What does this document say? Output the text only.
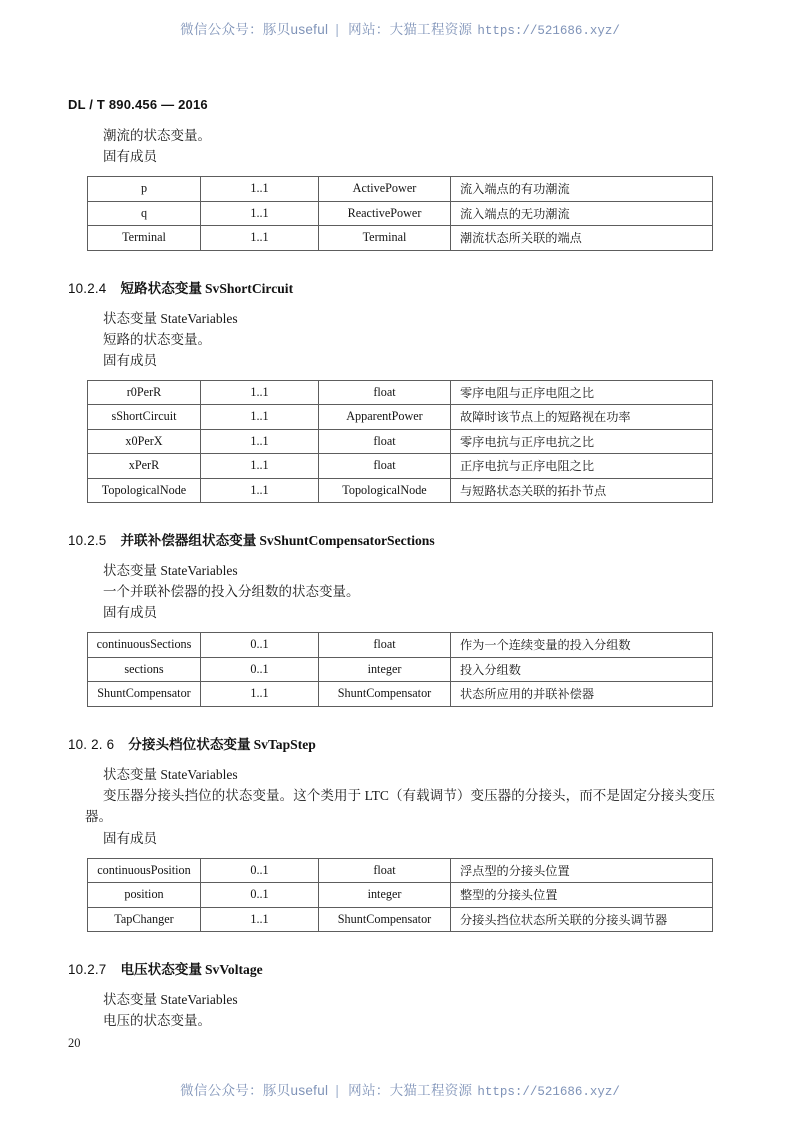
微信公众号：豚贝useful | 网站：大猫工程资源 https://521686.xyz/
DL / T 890.456 — 2016

潮流的状态变量。

固有成员

p	1..1	ActivePower	流入端点的有功潮流
q	1..1	ReactivePower	流入端点的无功潮流
Terminal	1..1	Terminal	潮流状态所关联的端点
10.2.4 短路状态变量 SvShortCircuit

状态变量 StateVariables

短路的状态变量。

固有成员

r0PerR	1..1	float	零序电阻与正序电阻之比
sShortCircuit	1..1	ApparentPower	故障时该节点上的短路视在功率
x0PerX	1..1	float	零序电抗与正序电抗之比
xPerR	1..1	float	正序电抗与正序电阻之比
TopologicalNode	1..1	TopologicalNode	与短路状态关联的拓扑节点
10.2.5 并联补偿器组状态变量 SvShuntCompensatorSections

状态变量 StateVariables

一个并联补偿器的投入分组数的状态变量。

固有成员

continuousSections	0..1	float	作为一个连续变量的投入分组数
sections	0..1	integer	投入分组数
ShuntCompensator	1..1	ShuntCompensator	状态所应用的并联补偿器
10. 2. 6 分接头档位状态变量 SvTapStep

状态变量 StateVariables

变压器分接头挡位的状态变量。这个类用于 LTC（有载调节）变压器的分接头，而不是固定分接头变压器。

固有成员

continuousPosition	0..1	float	浮点型的分接头位置
position	0..1	integer	整型的分接头位置
TapChanger	1..1	ShuntCompensator	分接头挡位状态所关联的分接头调节器
10.2.7 电压状态变量 SvVoltage

状态变量 StateVariables

电压的状态变量。

20
微信公众号：豚贝useful | 网站：大猫工程资源 https://521686.xyz/
